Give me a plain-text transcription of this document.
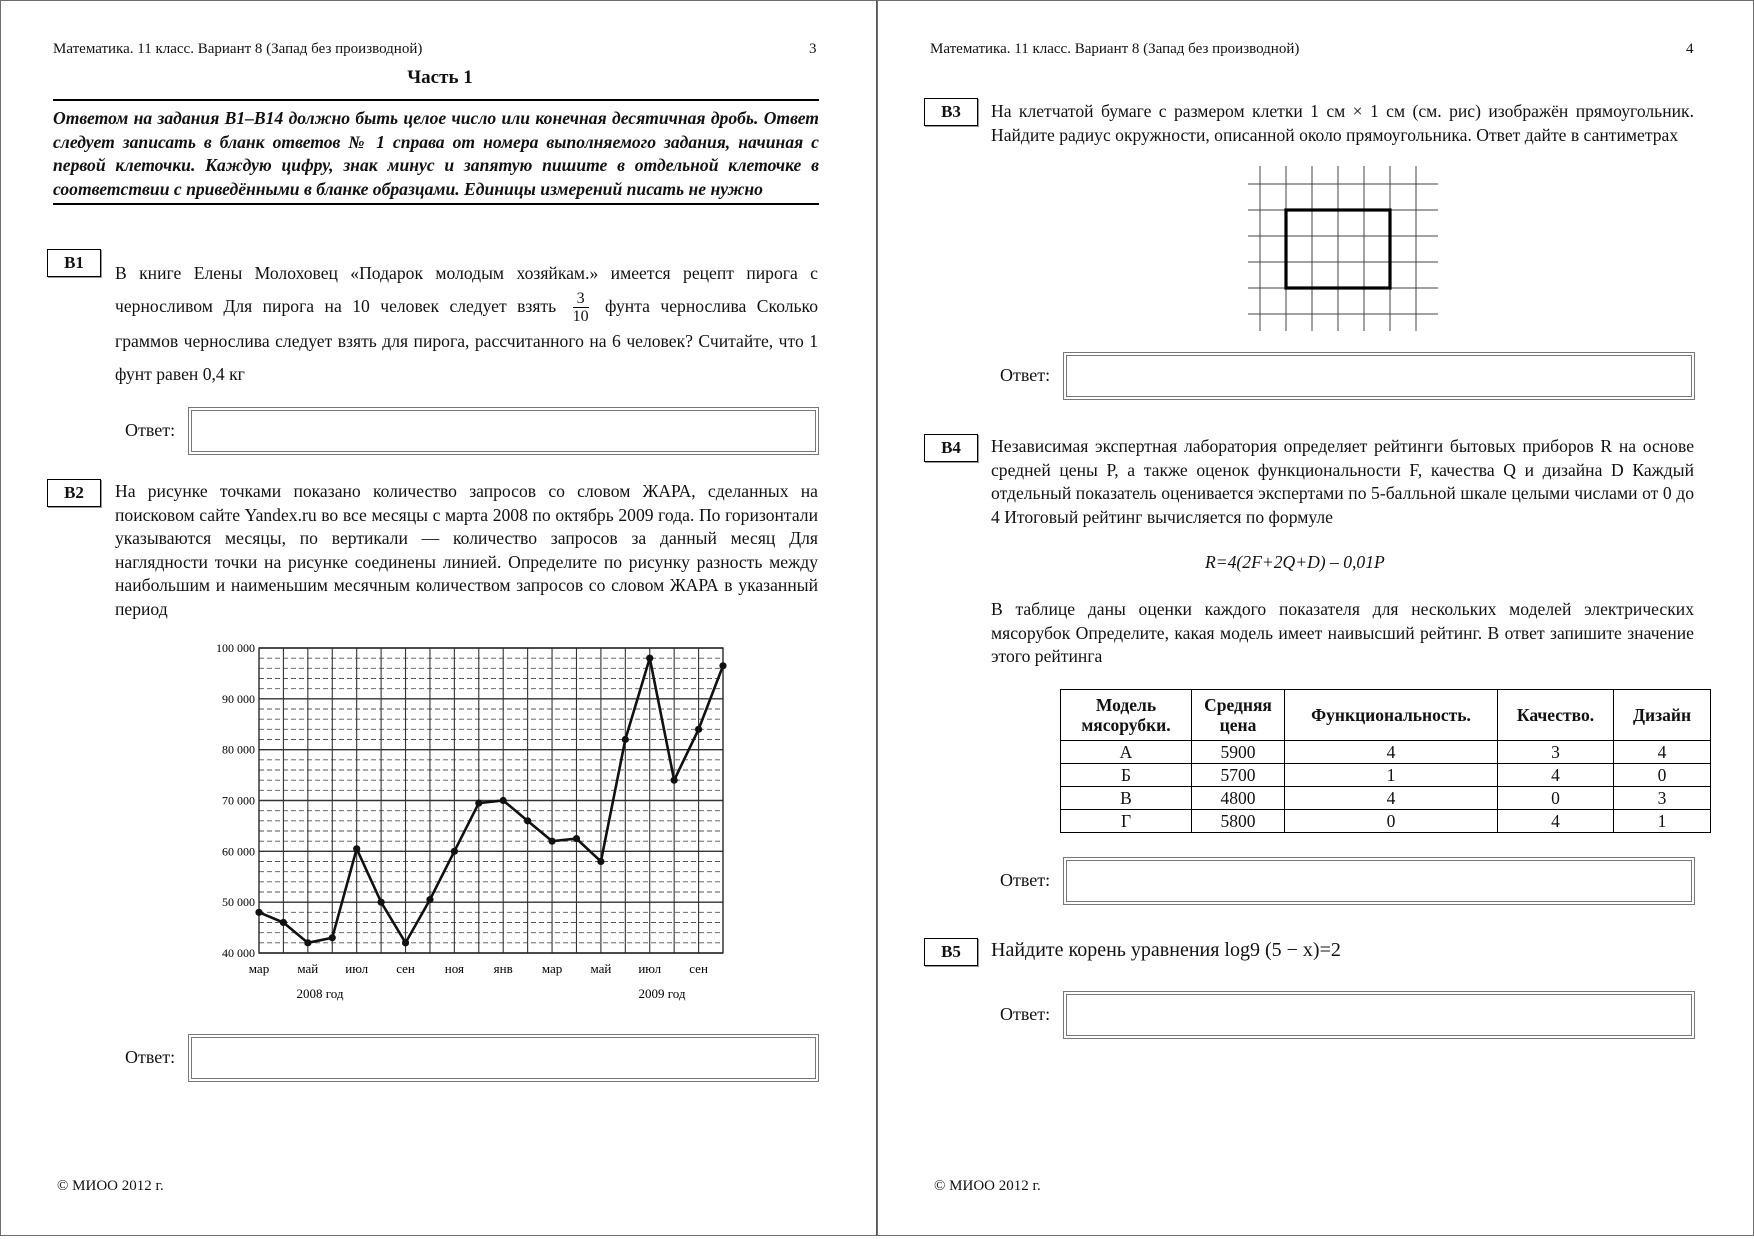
Математика. 11 класс. Вариант 8 (Запад без производной)	3
Часть 1
Ответом на задания B1–B14 должно быть целое число или конечная десятичная дробь. Ответ следует записать в бланк ответов № 1 справа от номера выполняемого задания, начиная с первой клеточки. Каждую цифру, знак минус и запятую пишите в отдельной клеточке в соответствии с приведёнными в бланке образцами. Единицы измерений писать не нужно
B1
В книге Елены Молоховец «Подарок молодым хозяйкам.» имеется рецепт пирога с черносливом Для пирога на 10 человек следует взять $\frac{3}{10}$ фунта чернослива Сколько граммов чернослива следует взять для пирога, рассчитанного на 6 человек? Считайте, что 1 фунт равен 0,4 кг
Ответ:
B2	На рисунке точками показано количество запросов со словом ЖАРА, сделанных на поисковом сайте Yandex.ru во все месяцы с марта 2008 по октябрь 2009 года. По горизонтали указываются месяцы, по вертикали — количество запросов за данный месяц Для наглядности точки на рисунке соединены линией. Определите по рисунку разность между наибольшим и наименьшим месячным количеством запросов со словом ЖАРА в указанный период
40 000
50 000
60 000
70 000
80 000
90 000
100 000
мар май июл сен ноя янв мар май июл сен
2008 год	2009 год
Ответ:
© МИОО 2012 г.
Математика. 11 класс. Вариант 8 (Запад без производной)	4
B3	На клетчатой бумаге с размером клетки 1 см × 1 см (см. рис) изображён прямоугольник. Найдите радиус окружности, описанной около прямоугольника. Ответ дайте в сантиметрах
Ответ:
B4	Независимая экспертная лаборатория определяет рейтинги бытовых приборов R на основе средней цены P, а также оценок функциональности F, качества Q и дизайна D Каждый отдельный показатель оценивается экспертами по 5-балльной шкале целыми числами от 0 до 4 Итоговый рейтинг вычисляется по формуле
R=4(2F+2Q+D) – 0,01P
В таблице даны оценки каждого показателя для нескольких моделей электрических мясорубок Определите, какая модель имеет наивысший рейтинг. В ответ запишите значение этого рейтинга
Ответ:
B5	Найдите корень уравнения log9 (5 − x)=2
Ответ:
© МИОО 2012 г.
Модель мясорубки.	Средняя цена	Функциональность.	Качество.	Дизайн
А	5900	4	3	4
Б	5700	1	4	0
В	4800	4	0	3
Г	5800	0	4	1
